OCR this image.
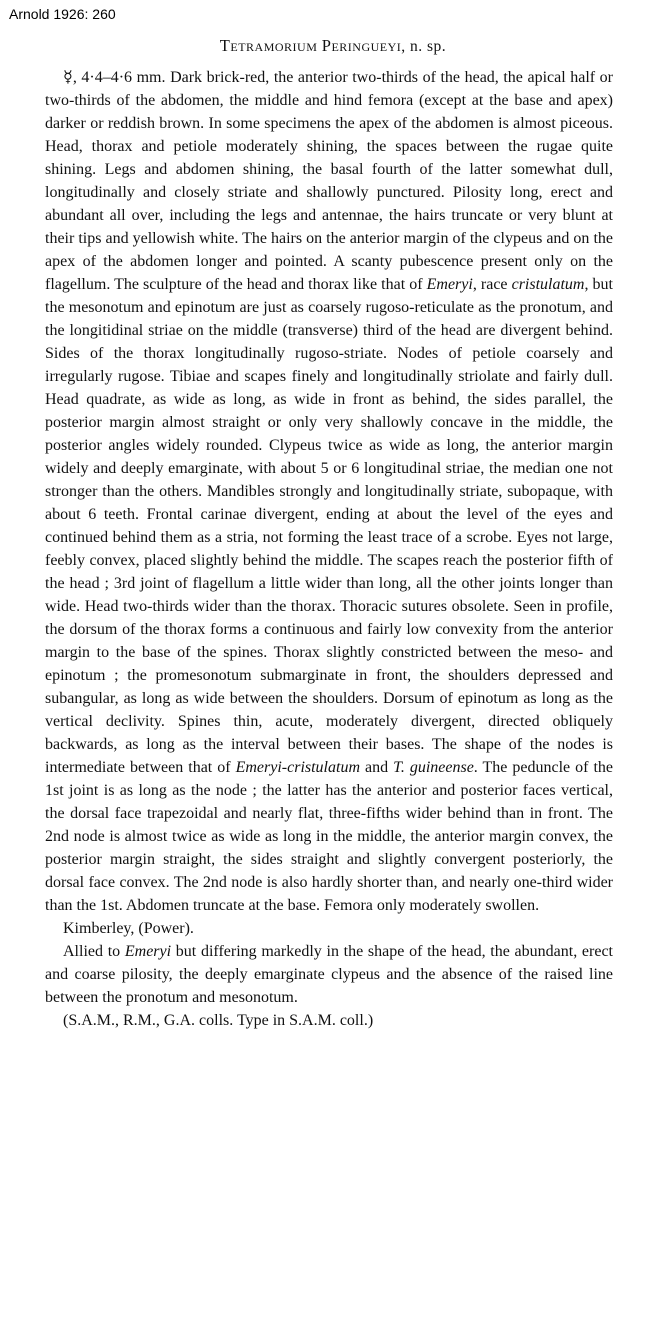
Arnold 1926: 260
Tetramorium Peringueyi, n. sp.

☿, 4·4–4·6 mm. Dark brick-red, the anterior two-thirds of the head, the apical half or two-thirds of the abdomen, the middle and hind femora (except at the base and apex) darker or reddish brown. In some specimens the apex of the abdomen is almost piceous. Head, thorax and petiole moderately shining, the spaces between the rugae quite shining. Legs and abdomen shining, the basal fourth of the latter somewhat dull, longitudinally and closely striate and shallowly punctured. Pilosity long, erect and abundant all over, including the legs and antennae, the hairs truncate or very blunt at their tips and yellowish white. The hairs on the anterior margin of the clypeus and on the apex of the abdomen longer and pointed. A scanty pubescence present only on the flagellum. The sculpture of the head and thorax like that of Emeryi, race cristulatum, but the mesonotum and epinotum are just as coarsely rugoso-reticulate as the pronotum, and the longitidinal striae on the middle (transverse) third of the head are divergent behind. Sides of the thorax longitudinally rugoso-striate. Nodes of petiole coarsely and irregularly rugose. Tibiae and scapes finely and longitudinally striolate and fairly dull. Head quadrate, as wide as long, as wide in front as behind, the sides parallel, the posterior margin almost straight or only very shallowly concave in the middle, the posterior angles widely rounded. Clypeus twice as wide as long, the anterior margin widely and deeply emarginate, with about 5 or 6 longitudinal striae, the median one not stronger than the others. Mandibles strongly and longitudinally striate, subopaque, with about 6 teeth. Frontal carinae divergent, ending at about the level of the eyes and continued behind them as a stria, not forming the least trace of a scrobe. Eyes not large, feebly convex, placed slightly behind the middle. The scapes reach the posterior fifth of the head ; 3rd joint of flagellum a little wider than long, all the other joints longer than wide. Head two-thirds wider than the thorax. Thoracic sutures obsolete. Seen in profile, the dorsum of the thorax forms a continuous and fairly low convexity from the anterior margin to the base of the spines. Thorax slightly constricted between the meso- and epinotum ; the promesonotum submarginate in front, the shoulders depressed and subangular, as long as wide between the shoulders. Dorsum of epinotum as long as the vertical declivity. Spines thin, acute, moderately divergent, directed obliquely backwards, as long as the interval between their bases. The shape of the nodes is intermediate between that of Emeryi-cristulatum and T. guineense. The peduncle of the 1st joint is as long as the node ; the latter has the anterior and posterior faces vertical, the dorsal face trapezoidal and nearly flat, three-fifths wider behind than in front. The 2nd node is almost twice as wide as long in the middle, the anterior margin convex, the posterior margin straight, the sides straight and slightly convergent posteriorly, the dorsal face convex. The 2nd node is also hardly shorter than, and nearly one-third wider than the 1st. Abdomen truncate at the base. Femora only moderately swollen.

Kimberley, (Power).

Allied to Emeryi but differing markedly in the shape of the head, the abundant, erect and coarse pilosity, the deeply emarginate clypeus and the absence of the raised line between the pronotum and mesonotum.

(S.A.M., R.M., G.A. colls. Type in S.A.M. coll.)
